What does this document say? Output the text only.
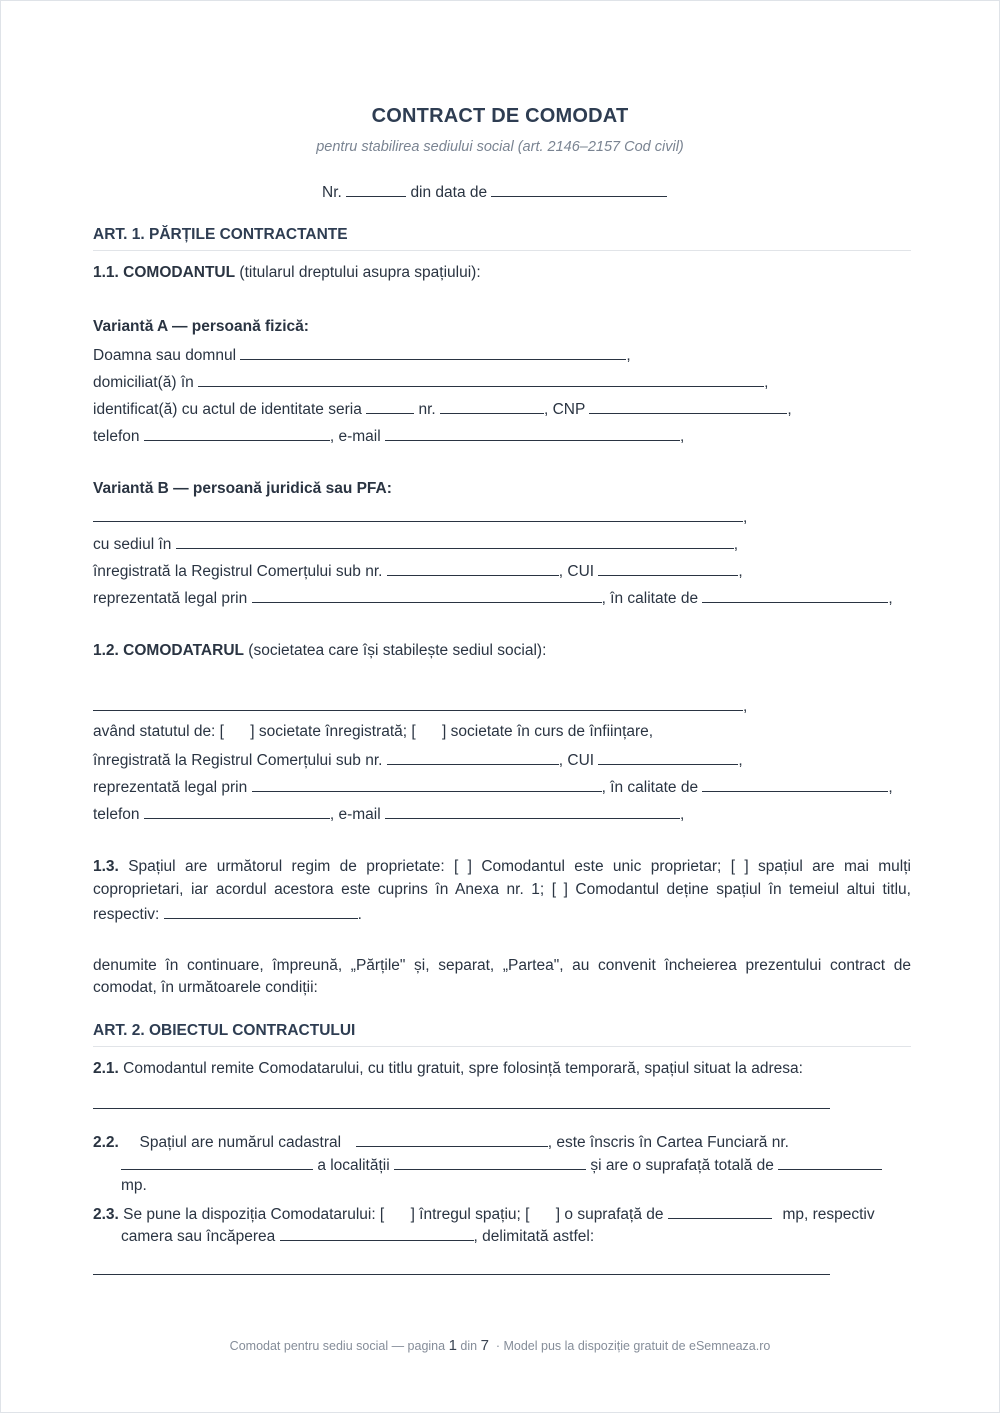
CONTRACT DE COMODAT
pentru stabilirea sediului social (art. 2146–2157 Cod civil)
Nr.	din data de
ART. 1. PĂRȚILE CONTRACTANTE
1.1. COMODANTUL (titularul dreptului asupra spațiului):
Variantă A — persoană fizică:
Doamna sau domnul	,
domiciliat(ă) în	,
identificat(ă) cu actul de identitate seria	nr.	, CNP	,
telefon	, e-mail	,
Variantă B — persoană juridică sau PFA:
,
cu sediul în	,
înregistrată la Registrul Comerțului sub nr.	, CUI	,
reprezentată legal prin	, în calitate de	,
1.2. COMODATARUL (societatea care își stabilește sediul social):
,
având statutul de: [ ] societate înregistrată; [ ] societate în curs de înființare,
înregistrată la Registrul Comerțului sub nr.	, CUI	,
reprezentată legal prin	, în calitate de	,
telefon	, e-mail	,
1.3. Spațiul are următorul regim de proprietate: [ ] Comodantul este unic proprietar; [ ] spațiul are mai mulți
coproprietari, iar acordul acestora este cuprins în Anexa nr. 1; [ ] Comodantul deține spațiul în temeiul altui titlu,
respectiv:	.
denumite în continuare, împreună, „Părțile" și, separat, „Partea", au convenit încheierea prezentului contract de
comodat, în următoarele condiții:
ART. 2. OBIECTUL CONTRACTULUI
2.1. Comodantul remite Comodatarului, cu titlu gratuit, spre folosință temporară, spațiul situat la adresa:
2.2. Spațiul are numărul cadastral	, este înscris în Cartea Funciară nr.
a localității	și are o suprafață totală de
mp.
2.3. Se pune la dispoziția Comodatarului: [ ] întregul spațiu; [ ] o suprafață de	mp, respectiv
camera sau încăperea	, delimitată astfel:
Comodat pentru sediu social — pagina 1 din 7 · Model pus la dispoziție gratuit de eSemneaza.ro
